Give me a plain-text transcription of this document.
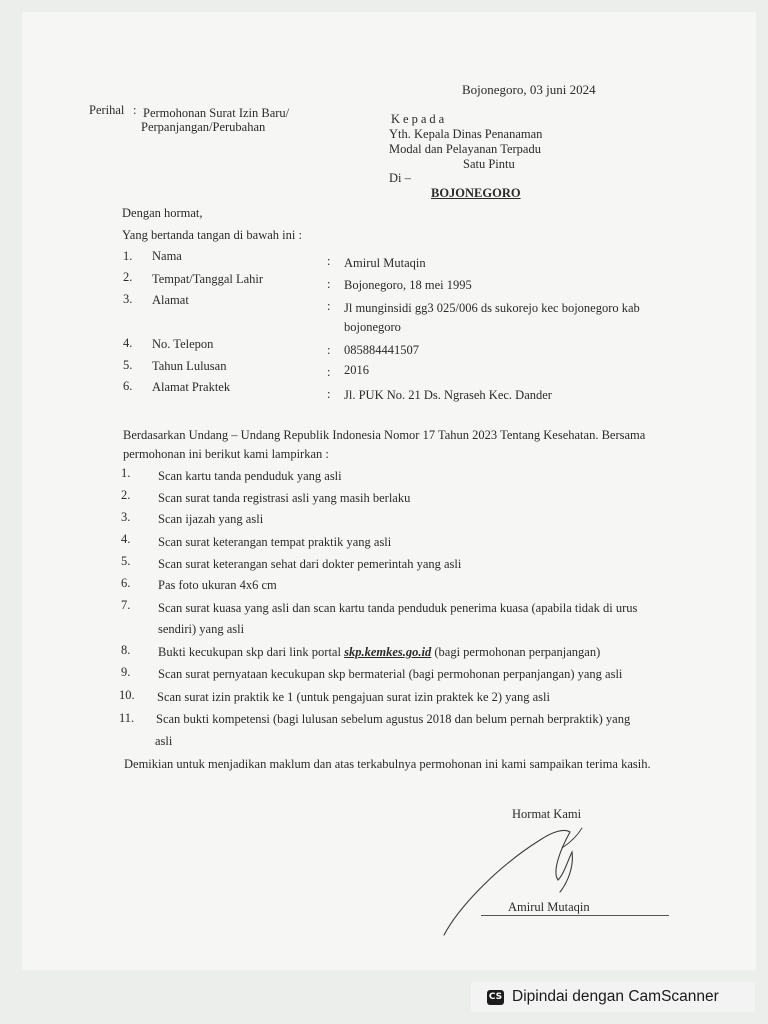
Bojonegoro, 03 juni 2024
Perihal : Permohonan Surat Izin Baru/
Perpanjangan/Perubahan
Kepada
Yth. Kepala Dinas Penanaman
Modal dan Pelayanan Terpadu
Satu Pintu
Di –
BOJONEGORO
Dengan hormat,
Yang bertanda tangan di bawah ini :
1. Nama	: Amirul Mutaqin
2. Tempat/Tanggal Lahir	: Bojonegoro, 18 mei 1995
3. Alamat	: Jl munginsidi gg3 025/006 ds sukorejo kec bojonegoro kab
bojonegoro
4. No. Telepon	: 085884441507
5. Tahun Lulusan	: 2016
6. Alamat Praktek	: Jl. PUK No. 21 Ds. Ngraseh Kec. Dander
Berdasarkan Undang – Undang Republik Indonesia Nomor 17 Tahun 2023 Tentang Kesehatan. Bersama
permohonan ini berikut kami lampirkan :
1. Scan kartu tanda penduduk yang asli
2. Scan surat tanda registrasi asli yang masih berlaku
3. Scan ijazah yang asli
4. Scan surat keterangan tempat praktik yang asli
5. Scan surat keterangan sehat dari dokter pemerintah yang asli
6. Pas foto ukuran 4x6 cm
7. Scan surat kuasa yang asli dan scan kartu tanda penduduk penerima kuasa (apabila tidak di urus
sendiri) yang asli
8. Bukti kecukupan skp dari link portal skp.kemkes.go.id (bagi permohonan perpanjangan)
9. Scan surat pernyataan kecukupan skp bermaterial (bagi permohonan perpanjangan) yang asli
10. Scan surat izin praktik ke 1 (untuk pengajuan surat izin praktek ke 2) yang asli
11. Scan bukti kompetensi (bagi lulusan sebelum agustus 2018 dan belum pernah berpraktik) yang
asli
Demikian untuk menjadikan maklum dan atas terkabulnya permohonan ini kami sampaikan terima kasih.
Hormat Kami
Amirul Mutaqin
CS Dipindai dengan CamScanner
